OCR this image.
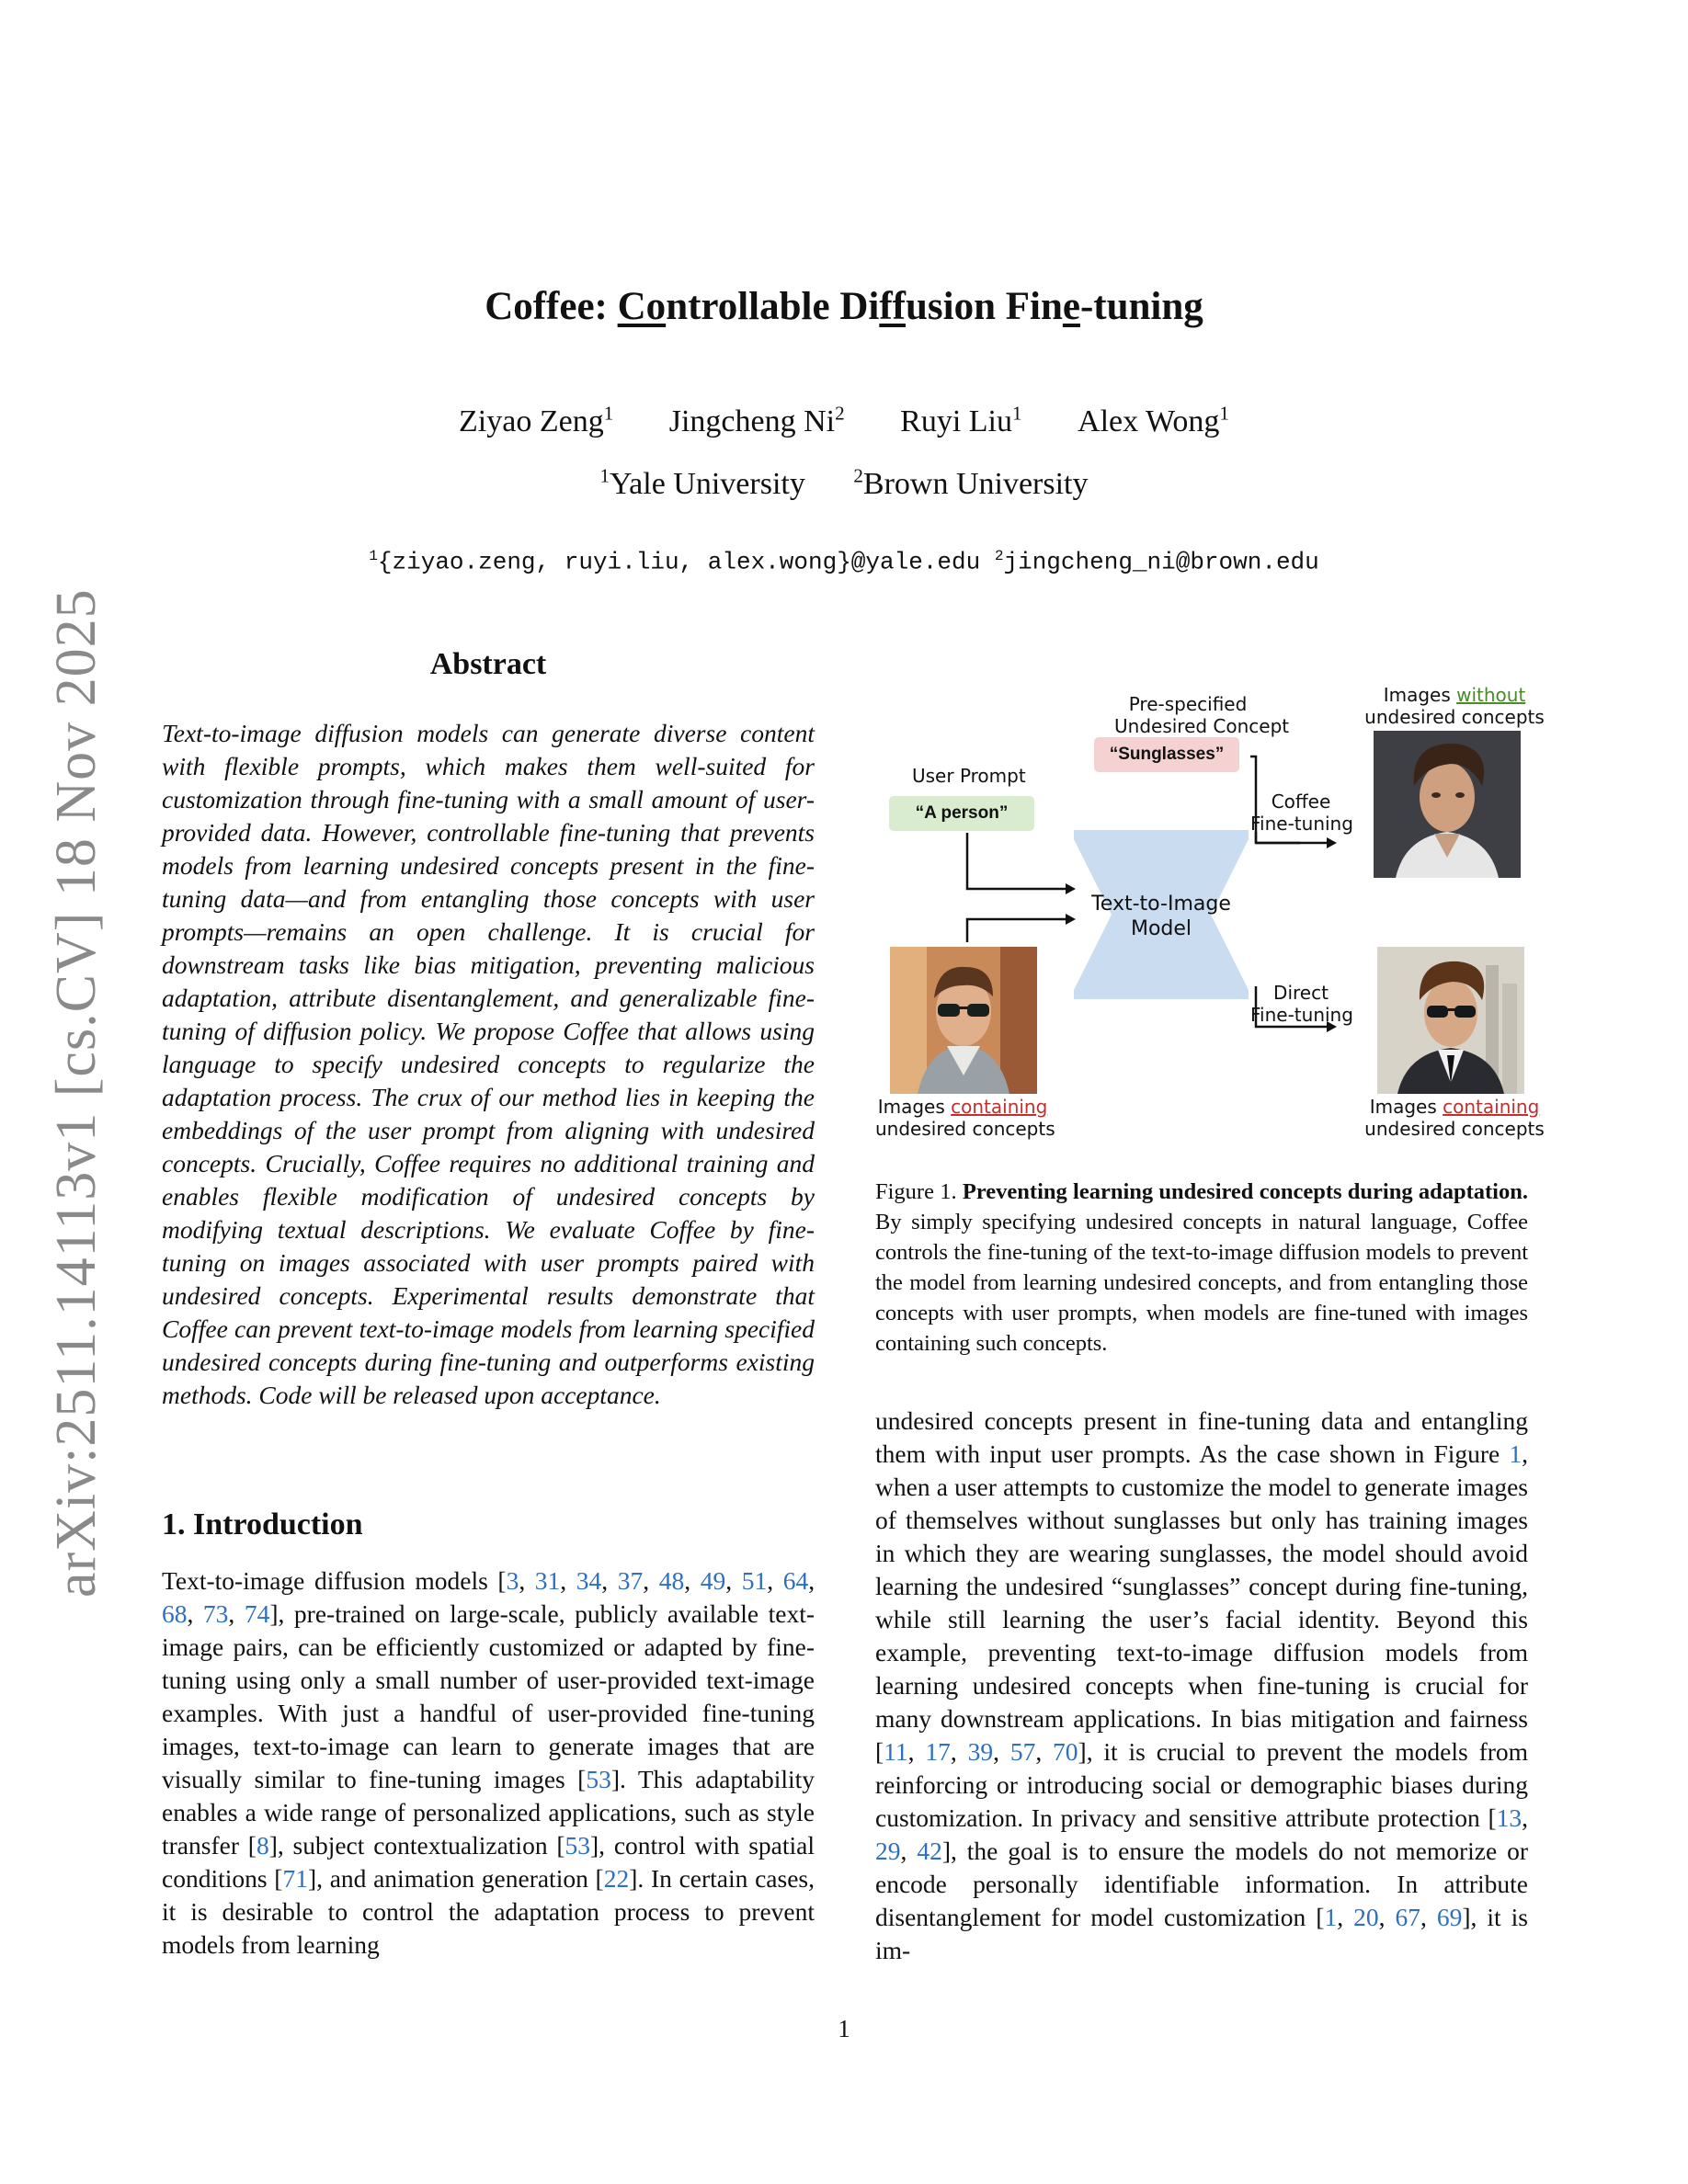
arXiv:2511.14113v1 [cs.CV] 18 Nov 2025
Coffee: Controllable Diffusion Fine-tuning
Ziyao Zeng$^1$ Jingcheng Ni$^2$ Ruyi Liu$^1$ Alex Wong$^1$
$^1$Yale University $^2$Brown University
$^1${ziyao.zeng, ruyi.liu, alex.wong}@yale.edu $^2$jingcheng_ni@brown.edu
Abstract
Text-to-image diffusion models can generate diverse content with flexible prompts, which makes them well-suited for customization through fine-tuning with a small amount of user-provided data. However, controllable fine-tuning that prevents models from learning undesired concepts present in the fine-tuning data—and from entangling those concepts with user prompts—remains an open challenge. It is crucial for downstream tasks like bias mitigation, preventing malicious adaptation, attribute disentanglement, and generalizable fine-tuning of diffusion policy. We propose Coffee that allows using language to specify undesired concepts to regularize the adaptation process. The crux of our method lies in keeping the embeddings of the user prompt from aligning with undesired concepts. Crucially, Coffee requires no additional training and enables flexible modification of undesired concepts by modifying textual descriptions. We evaluate Coffee by fine-tuning on images associated with user prompts paired with undesired concepts. Experimental results demonstrate that Coffee can prevent text-to-image models from learning specified undesired concepts during fine-tuning and outperforms existing methods. Code will be released upon acceptance.
1. Introduction
Text-to-image diffusion models [3, 31, 34, 37, 48, 49, 51, 64, 68, 73, 74], pre-trained on large-scale, publicly available text-image pairs, can be efficiently customized or adapted by fine-tuning using only a small number of user-provided text-image examples. With just a handful of user-provided fine-tuning images, text-to-image can learn to generate images that are visually similar to fine-tuning images [53]. This adaptability enables a wide range of personalized applications, such as style transfer [8], subject contextualization [53], control with spatial conditions [71], and animation generation [22]. In certain cases, it is desirable to control the adaptation process to prevent models from learning
undesired concepts present in fine-tuning data and entangling them with input user prompts. As the case shown in Figure 1, when a user attempts to customize the model to generate images of themselves without sunglasses but only has training images in which they are wearing sunglasses, the model should avoid learning the undesired “sunglasses” concept during fine-tuning, while still learning the user’s facial identity. Beyond this example, preventing text-to-image diffusion models from learning undesired concepts when fine-tuning is crucial for many downstream applications. In bias mitigation and fairness [11, 17, 39, 57, 70], it is crucial to prevent the models from reinforcing or introducing social or demographic biases during customization. In privacy and sensitive attribute protection [13, 29, 42], the goal is to ensure the models do not memorize or encode personally identifiable information. In attribute disentanglement for model customization [1, 20, 67, 69], it is im-
Pre-specified
Undesired Concept
“Sunglasses”
User Prompt
“A person”
Text-to-Image
Model
Coffee
Fine-tuning
Direct
Fine-tuning
Images containing
undesired concepts
Images without
undesired concepts
Images containing
undesired concepts
Figure 1. Preventing learning undesired concepts during adaptation. By simply specifying undesired concepts in natural language, Coffee controls the fine-tuning of the text-to-image diffusion models to prevent the model from learning undesired concepts, and from entangling those concepts with user prompts, when models are fine-tuned with images containing such concepts.
1
